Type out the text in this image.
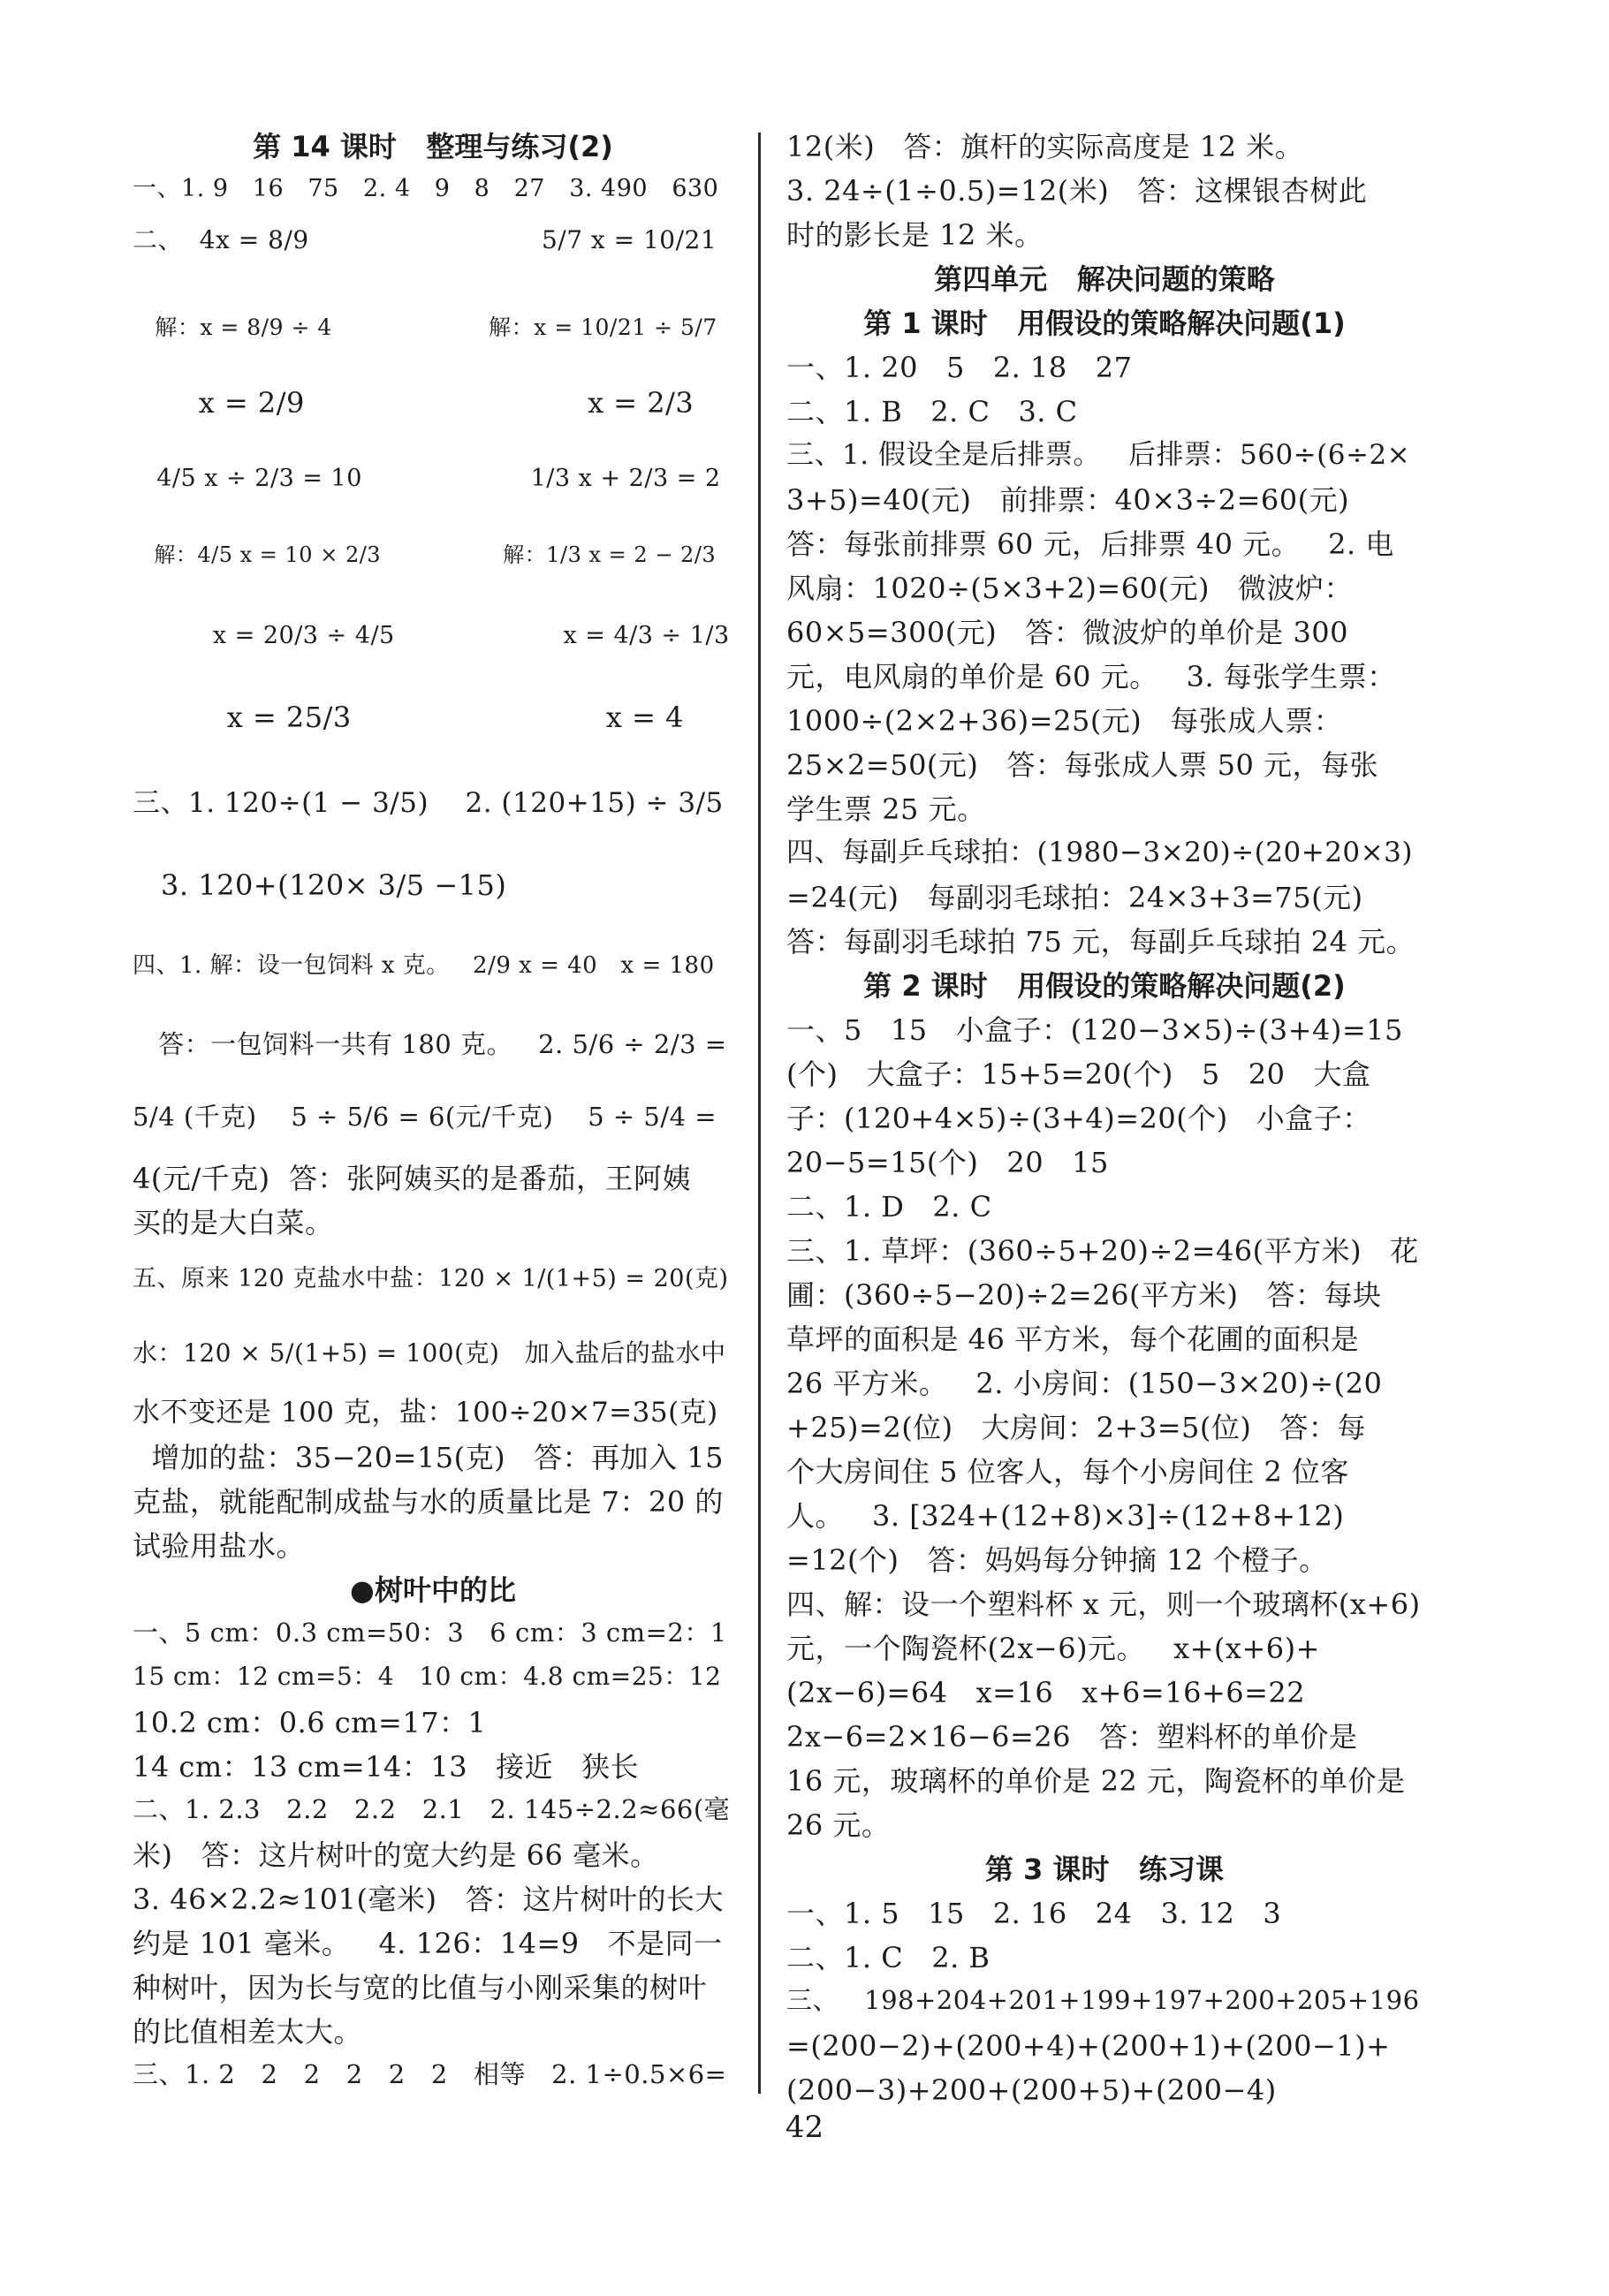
第 14 课时   整理与练习(2)
一、1. 9   16   75   2. 4   9   8   27   3. 490   630
二、  4x = 8/9                            5/7 x = 10/21
解：x = 8/9 ÷ 4                     解：x = 10/21 ÷ 5/7
x = 2/9                              x = 2/3
4/5 x ÷ 2/3 = 10                     1/3 x + 2/3 = 2
解：4/5 x = 10 × 2/3                 解：1/3 x = 2 − 2/3
x = 20/3 ÷ 4/5                     x = 4/3 ÷ 1/3
x = 25/3                           x = 4
三、1. 120÷(1 − 3/5)    2. (120+15) ÷ 3/5
3. 120+(120× 3/5 −15)
四、1. 解：设一包饲料 x 克。   2/9 x = 40   x = 180
答：一包饲料一共有 180 克。   2. 5/6 ÷ 2/3 =
5/4 (千克)    5 ÷ 5/6 = 6(元/千克)    5 ÷ 5/4 =
4(元/千克)  答：张阿姨买的是番茄，王阿姨
买的是大白菜。
五、原来 120 克盐水中盐：120 × 1/(1+5) = 20(克)
水：120 × 5/(1+5) = 100(克)   加入盐后的盐水中
水不变还是 100 克，盐：100÷20×7=35(克)
增加的盐：35−20=15(克)   答：再加入 15
克盐，就能配制成盐与水的质量比是 7：20 的
试验用盐水。
●树叶中的比
一、5 cm：0.3 cm=50：3   6 cm：3 cm=2：1
15 cm：12 cm=5：4   10 cm：4.8 cm=25：12
10.2 cm：0.6 cm=17：1
14 cm：13 cm=14：13   接近   狭长
二、1. 2.3   2.2   2.2   2.1   2. 145÷2.2≈66(毫
米)   答：这片树叶的宽大约是 66 毫米。
3. 46×2.2≈101(毫米)   答：这片树叶的长大
约是 101 毫米。   4. 126：14=9   不是同一
种树叶，因为长与宽的比值与小刚采集的树叶
的比值相差太大。
三、1. 2   2   2   2   2   2   相等   2. 1÷0.5×6=
12(米)   答：旗杆的实际高度是 12 米。
3. 24÷(1÷0.5)=12(米)   答：这棵银杏树此
时的影长是 12 米。
第四单元   解决问题的策略
第 1 课时   用假设的策略解决问题(1)
一、1. 20   5   2. 18   27
二、1. B   2. C   3. C
三、1. 假设全是后排票。   后排票：560÷(6÷2×
3+5)=40(元)   前排票：40×3÷2=60(元)
答：每张前排票 60 元，后排票 40 元。   2. 电
风扇：1020÷(5×3+2)=60(元)   微波炉：
60×5=300(元)   答：微波炉的单价是 300
元，电风扇的单价是 60 元。   3. 每张学生票：
1000÷(2×2+36)=25(元)   每张成人票：
25×2=50(元)   答：每张成人票 50 元，每张
学生票 25 元。
四、每副乒乓球拍：(1980−3×20)÷(20+20×3)
=24(元)   每副羽毛球拍：24×3+3=75(元)
答：每副羽毛球拍 75 元，每副乒乓球拍 24 元。
第 2 课时   用假设的策略解决问题(2)
一、5   15   小盒子：(120−3×5)÷(3+4)=15
(个)   大盒子：15+5=20(个)   5   20   大盒
子：(120+4×5)÷(3+4)=20(个)   小盒子：
20−5=15(个)   20   15
二、1. D   2. C
三、1. 草坪：(360÷5+20)÷2=46(平方米)   花
圃：(360÷5−20)÷2=26(平方米)   答：每块
草坪的面积是 46 平方米，每个花圃的面积是
26 平方米。   2. 小房间：(150−3×20)÷(20
+25)=2(位)   大房间：2+3=5(位)   答：每
个大房间住 5 位客人，每个小房间住 2 位客
人。   3. [324+(12+8)×3]÷(12+8+12)
=12(个)   答：妈妈每分钟摘 12 个橙子。
四、解：设一个塑料杯 x 元，则一个玻璃杯(x+6)
元，一个陶瓷杯(2x−6)元。   x+(x+6)+
(2x−6)=64   x=16   x+6=16+6=22
2x−6=2×16−6=26   答：塑料杯的单价是
16 元，玻璃杯的单价是 22 元，陶瓷杯的单价是
26 元。
第 3 课时   练习课
一、1. 5   15   2. 16   24   3. 12   3
二、1. C   2. B
三、   198+204+201+199+197+200+205+196
=(200−2)+(200+4)+(200+1)+(200−1)+
(200−3)+200+(200+5)+(200−4)
42
